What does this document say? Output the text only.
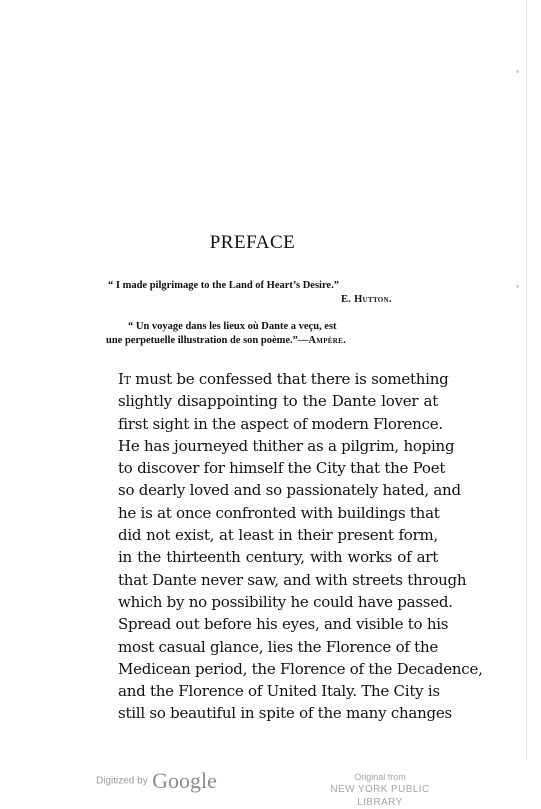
PREFACE
“ I made pilgrimage to the Land of Heart’s Desire.”
E. Hutton.
“ Un voyage dans les lieux où Dante a veçu, est
une perpetuelle illustration de son poème.”—Ampère.
It must be confessed that there is something
slightly disappointing to the Dante lover at
first sight in the aspect of modern Florence.
He has journeyed thither as a pilgrim, hoping
to discover for himself the City that the Poet
so dearly loved and so passionately hated, and
he is at once confronted with buildings that
did not exist, at least in their present form,
in the thirteenth century, with works of art
that Dante never saw, and with streets through
which by no possibility he could have passed.
Spread out before his eyes, and visible to his
most casual glance, lies the Florence of the
Medicean period, the Florence of the Decadence,
and the Florence of United Italy. The City is
still so beautiful in spite of the many changes
Digitized by Google	Original from
NEW YORK PUBLIC LIBRARY
